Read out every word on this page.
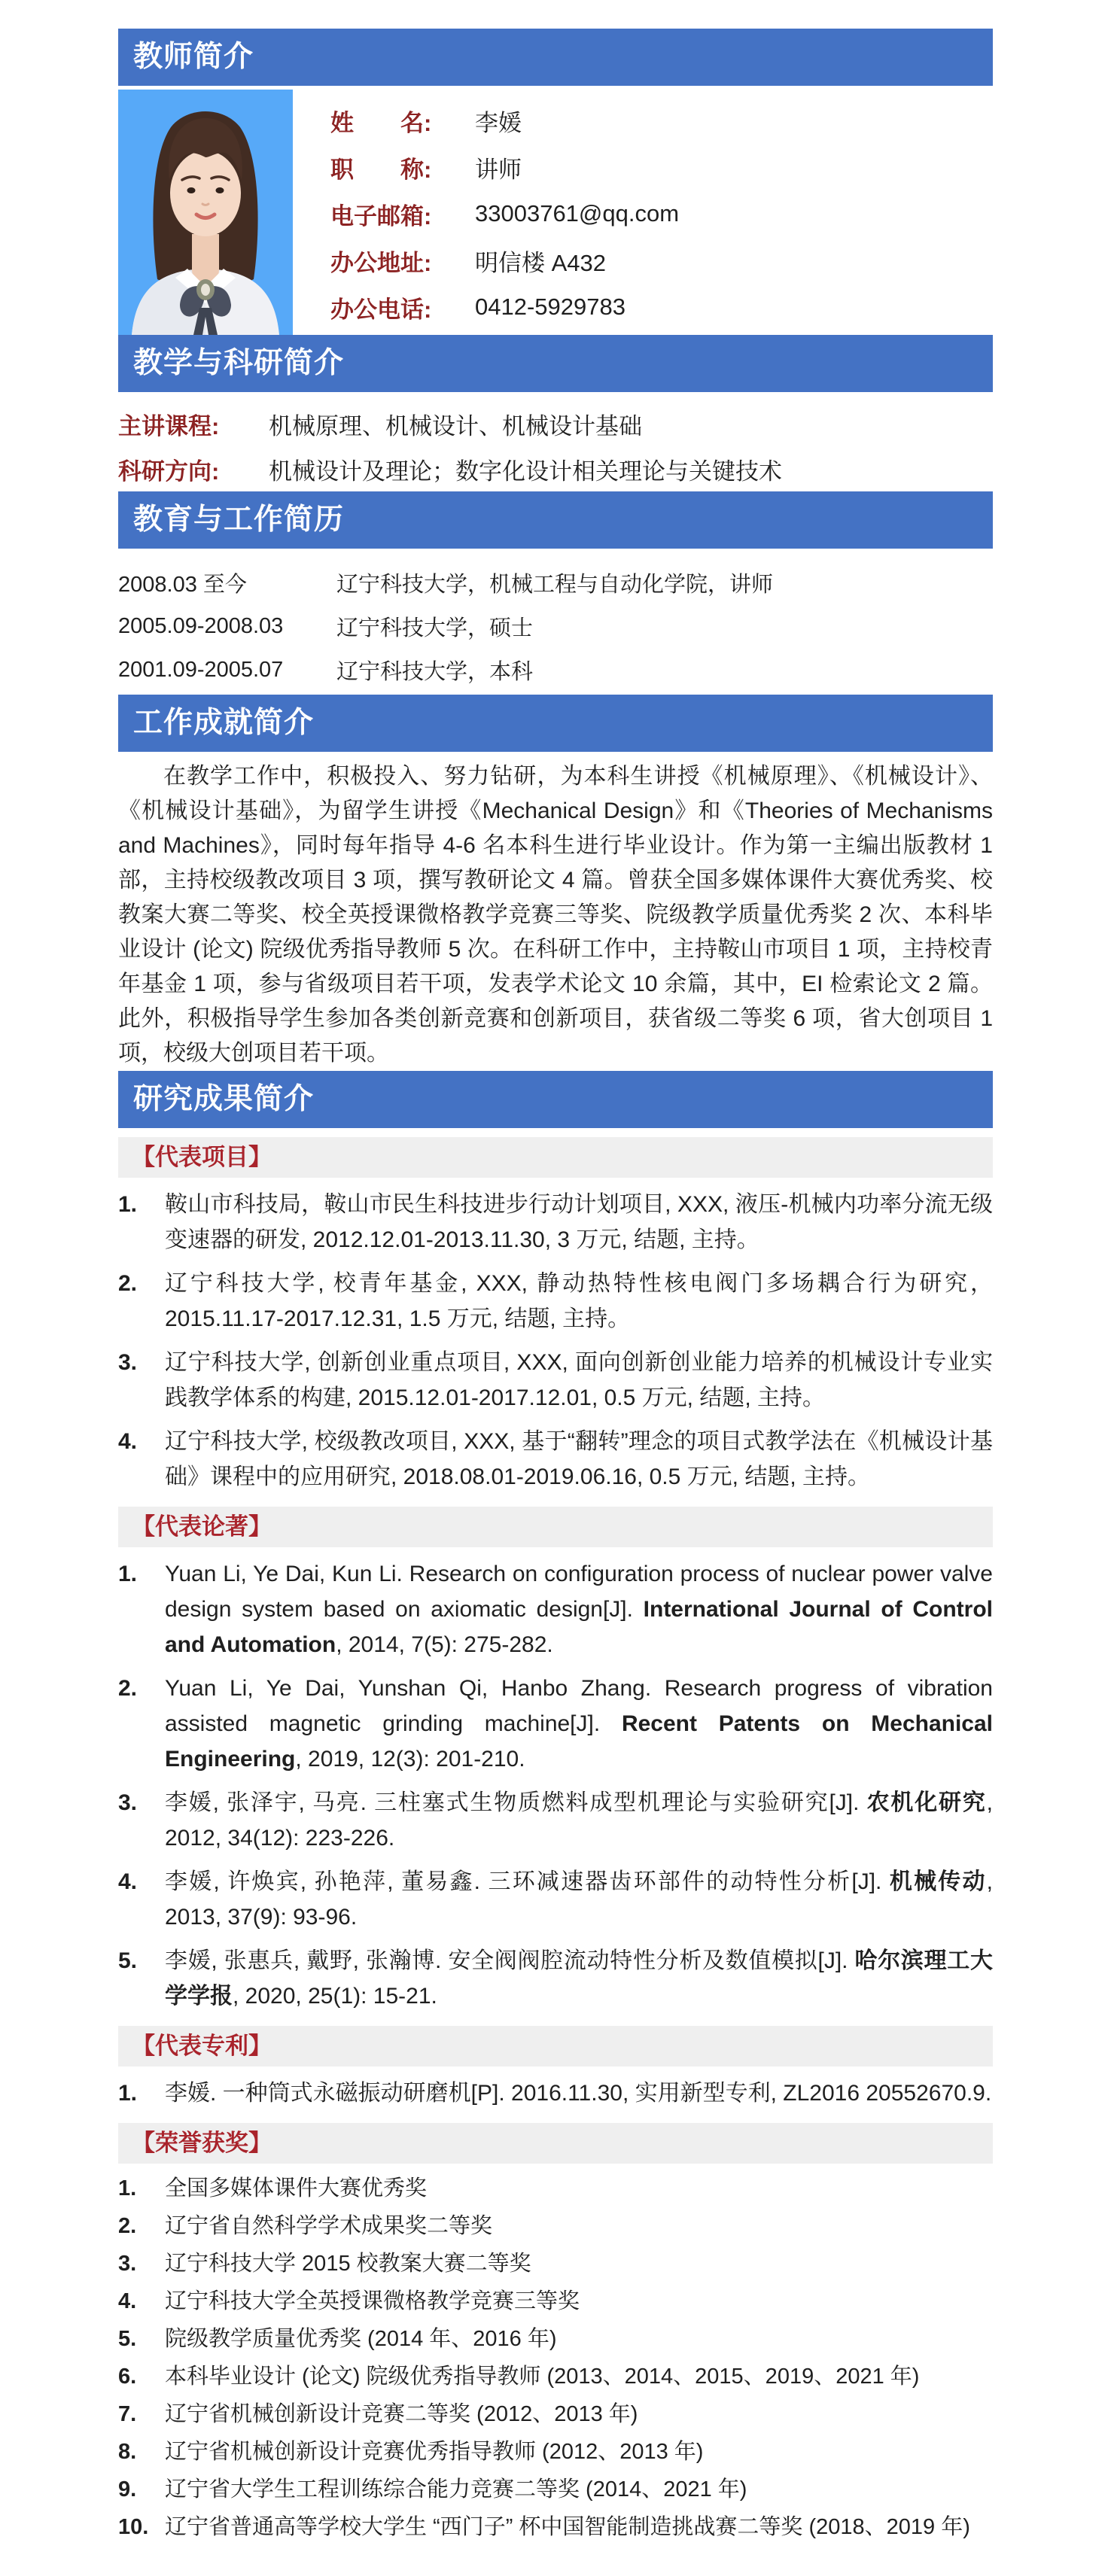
教师简介
姓　　名:	李媛
职　　称:	讲师
电子邮箱:	33003761@qq.com
办公地址:	明信楼 A432
办公电话:	0412-5929783
教学与科研简介
主讲课程:	机械原理、机械设计、机械设计基础
科研方向:	机械设计及理论；数字化设计相关理论与关键技术
教育与工作简历
2008.03 至今	辽宁科技大学，机械工程与自动化学院，讲师
2005.09-2008.03	辽宁科技大学，硕士
2001.09-2005.07	辽宁科技大学，本科
工作成就简介
在教学工作中，积极投入、努力钻研，为本科生讲授《机械原理》、《机械设计》、《机械设计基础》，为留学生讲授《Mechanical Design》和《Theories of Mechanisms and Machines》，同时每年指导 4-6 名本科生进行毕业设计。作为第一主编出版教材 1 部，主持校级教改项目 3 项，撰写教研论文 4 篇。曾获全国多媒体课件大赛优秀奖、校教案大赛二等奖、校全英授课微格教学竞赛三等奖、院级教学质量优秀奖 2 次、本科毕业设计 (论文) 院级优秀指导教师 5 次。在科研工作中，主持鞍山市项目 1 项，主持校青年基金 1 项，参与省级项目若干项，发表学术论文 10 余篇，其中，EI 检索论文 2 篇。此外，积极指导学生参加各类创新竞赛和创新项目，获省级二等奖 6 项，省大创项目 1 项，校级大创项目若干项。
研究成果简介
【代表项目】
1.	鞍山市科技局，鞍山市民生科技进步行动计划项目, XXX, 液压-机械内功率分流无级变速器的研发, 2012.12.01-2013.11.30, 3 万元, 结题, 主持。
2.	辽宁科技大学, 校青年基金, XXX, 静动热特性核电阀门多场耦合行为研究，2015.11.17-2017.12.31, 1.5 万元, 结题, 主持。
3.	辽宁科技大学, 创新创业重点项目, XXX, 面向创新创业能力培养的机械设计专业实践教学体系的构建, 2015.12.01-2017.12.01, 0.5 万元, 结题, 主持。
4.	辽宁科技大学, 校级教改项目, XXX, 基于“翻转”理念的项目式教学法在《机械设计基础》课程中的应用研究, 2018.08.01-2019.06.16, 0.5 万元, 结题, 主持。
【代表论著】
1.	Yuan Li, Ye Dai, Kun Li. Research on configuration process of nuclear power valve design system based on axiomatic design[J]. International Journal of Control and Automation, 2014, 7(5): 275-282.
2.	Yuan Li, Ye Dai, Yunshan Qi, Hanbo Zhang. Research progress of vibration assisted magnetic grinding machine[J]. Recent Patents on Mechanical Engineering, 2019, 12(3): 201-210.
3.	李媛, 张泽宇, 马亮. 三柱塞式生物质燃料成型机理论与实验研究[J]. 农机化研究, 2012, 34(12): 223-226.
4.	李媛, 许焕宾, 孙艳萍, 董易鑫. 三环减速器齿环部件的动特性分析[J]. 机械传动, 2013, 37(9): 93-96.
5.	李媛, 张惠兵, 戴野, 张瀚博. 安全阀阀腔流动特性分析及数值模拟[J]. 哈尔滨理工大学学报, 2020, 25(1): 15-21.
【代表专利】
1.	李媛. 一种筒式永磁振动研磨机[P]. 2016.11.30, 实用新型专利, ZL2016 20552670.9.
【荣誉获奖】
1.	全国多媒体课件大赛优秀奖
2.	辽宁省自然科学学术成果奖二等奖
3.	辽宁科技大学 2015 校教案大赛二等奖
4.	辽宁科技大学全英授课微格教学竞赛三等奖
5.	院级教学质量优秀奖 (2014 年、2016 年)
6.	本科毕业设计 (论文) 院级优秀指导教师 (2013、2014、2015、2019、2021 年)
7.	辽宁省机械创新设计竞赛二等奖 (2012、2013 年)
8.	辽宁省机械创新设计竞赛优秀指导教师 (2012、2013 年)
9.	辽宁省大学生工程训练综合能力竞赛二等奖 (2014、2021 年)
10. 辽宁省普通高等学校大学生 “西门子” 杯中国智能制造挑战赛二等奖 (2018、2019 年)
